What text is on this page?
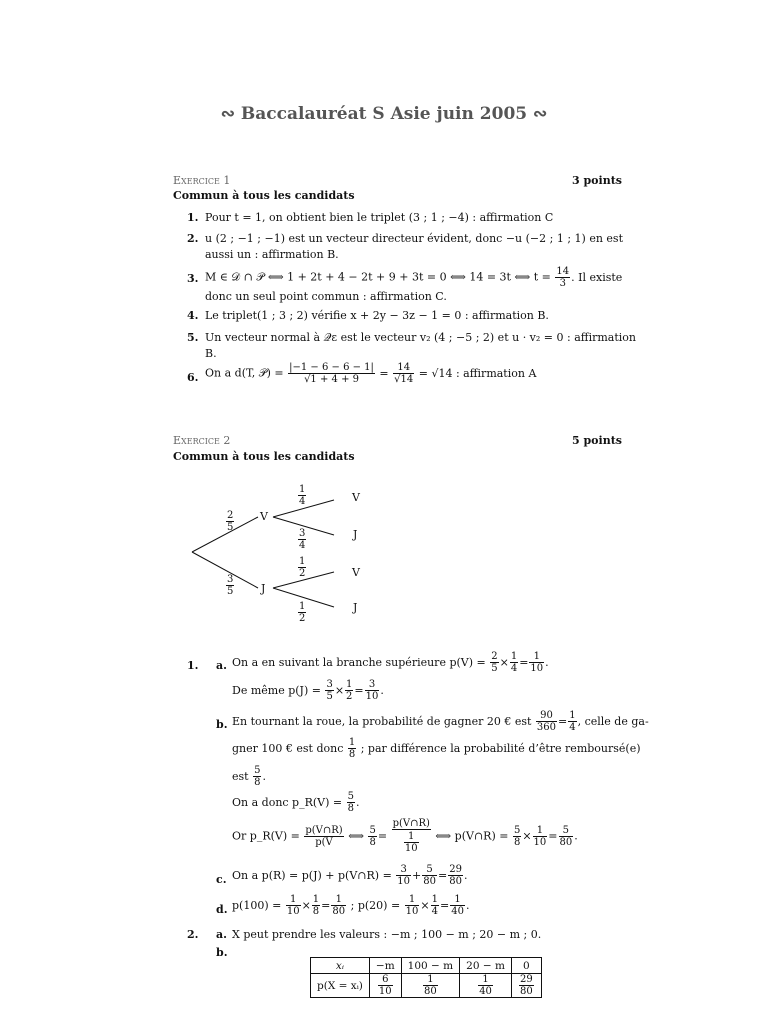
∾ Baccalauréat S Asie juin 2005 ∾
Exercice 1	3 points
Commun à tous les candidats
1. Pour t = 1, on obtient bien le triplet (3 ; 1 ; −4) : affirmation C
2. u (2 ; −1 ; −1) est un vecteur directeur évident, donc −u (−2 ; 1 ; 1) en est
aussi un : affirmation B.
3. M ∈ 𝒟 ∩ 𝒫 ⟺ 1 + 2t + 4 − 2t + 9 + 3t = 0 ⟺ 14 = 3t ⟺ $t = \frac{14}{3}$ . Il existe
donc un seul point commun : affirmation C.
4. Le triplet(1 ; 3 ; 2) vérifie x + 2y − 3z − 1 = 0 : affirmation B.
5. Un vecteur normal à 𝒬ε est le vecteur v₂ (4 ; −5 ; 2) et u · v₂ = 0 : affirmation
B.
6. On a d(T, 𝒫) = $\frac{|-1 - 6 - 6 - 1|}{√1 + 4 + 9} = \frac{14}{√14} = √14$ : affirmation A
Exercice 2	5 points
Commun à tous les candidats
$\frac{2}{5}$
$\frac{3}{5}$
V
J
$\frac{1}{4}$
$\frac{3}{4}$
$\frac{1}{2}$
$\frac{1}{2}$
V
J
V
J
1. a. On a en suivant la branche supérieure $p(V) = \frac{2}{5} \times \frac{1}{4} = \frac{1}{10}$ .
De même $p(J) = \frac{3}{5} \times \frac{1}{2} = \frac{3}{10}$ .
b. En tournant la roue, la probabilité de gagner 20 € est $\frac{90}{360} = \frac{1}{4}$ , celle de ga-
gner 100 € est donc $\frac{1}{8}$ ; par différence la probabilité d’être remboursé(e)
est $\frac{5}{8}$ .
On a donc p_R(V) = $\frac{5}{8}$ .
Or p_R(V) = $\frac{p(V\cap R)}{p(V}$ ⟺ $\frac{5}{8} = \frac{p(V\cap R)}{\frac{1}{10}}$ ⟺ p(V∩R) = $\frac{5}{8} \times \frac{1}{10} = \frac{5}{80}$ .
c. On a p(R) = p(J) + p(V∩R) = $\frac{3}{10} + \frac{5}{80} = \frac{29}{80}$ .
d. $p(100) = \frac{1}{10} \times \frac{1}{8} = \frac{1}{80}$ ; $p(20) = \frac{1}{10} \times \frac{1}{4} = \frac{1}{40}$ .
2. a. X peut prendre les valeurs : −m ; 100 − m ; 20 − m ; 0.
b.
xᵢ	−m	100 − m	20 − m	0
p(X = xᵢ)	$\frac{6}{10}$	$\frac{1}{80}$	$\frac{1}{40}$	$\frac{29}{80}$
